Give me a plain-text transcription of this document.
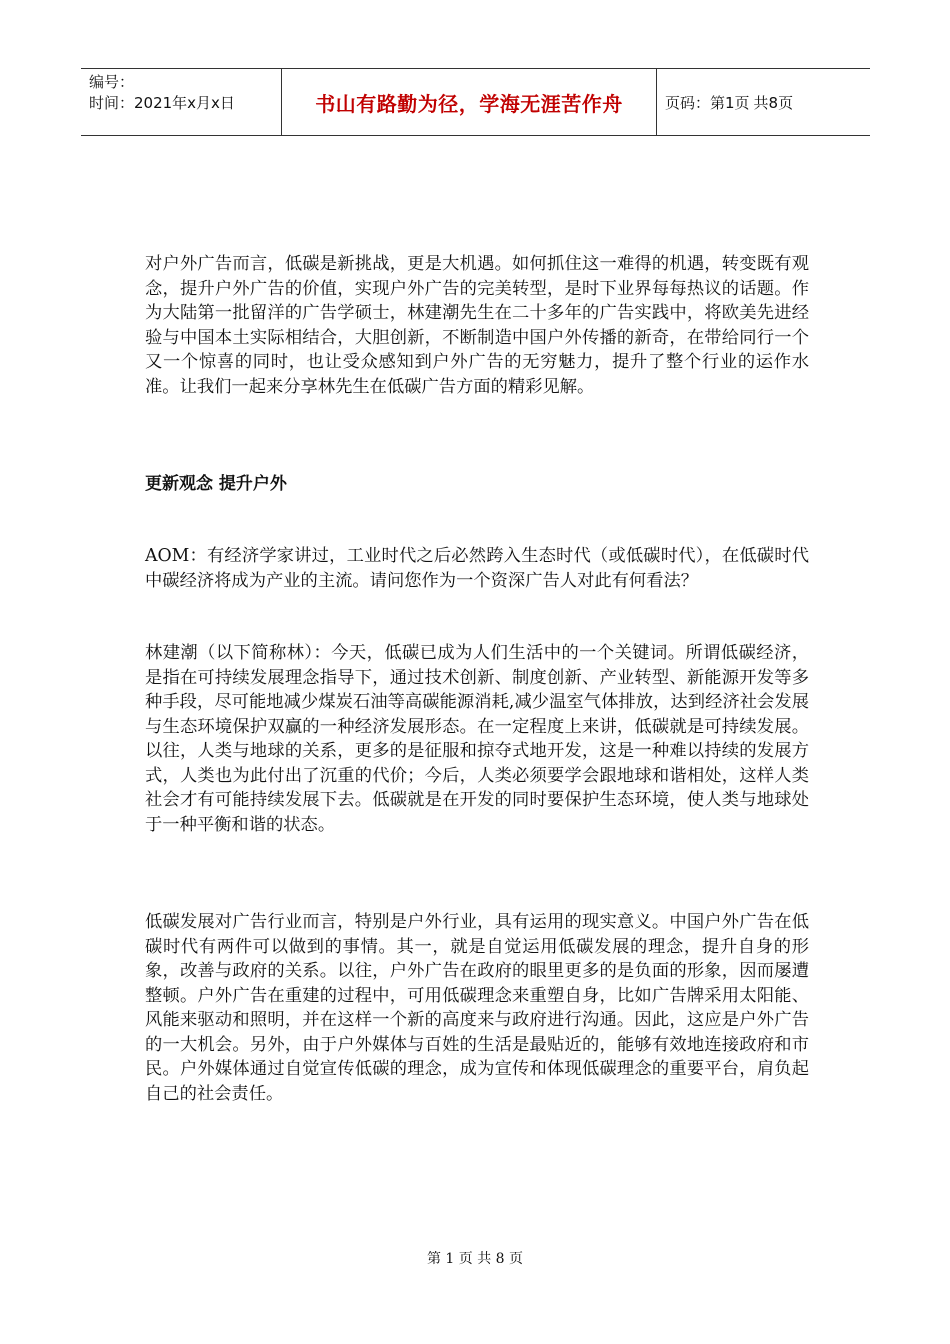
编号：
时间：2021年x月x日	书山有路勤为径，学海无涯苦作舟	页码：第1页 共8页

对户外广告而言，低碳是新挑战，更是大机遇。如何抓住这一难得的机遇，转变既有观念，提升户外广告的价值，实现户外广告的完美转型，是时下业界每每热议的话题。作为大陆第一批留洋的广告学硕士，林建潮先生在二十多年的广告实践中，将欧美先进经验与中国本土实际相结合，大胆创新，不断制造中国户外传播的新奇，在带给同行一个又一个惊喜的同时，也让受众感知到户外广告的无穷魅力，提升了整个行业的运作水准。让我们一起来分享林先生在低碳广告方面的精彩见解。

更新观念 提升户外

AOM：有经济学家讲过，工业时代之后必然跨入生态时代（或低碳时代），在低碳时代中碳经济将成为产业的主流。请问您作为一个资深广告人对此有何看法？

林建潮（以下简称林）：今天，低碳已成为人们生活中的一个关键词。所谓低碳经济，是指在可持续发展理念指导下，通过技术创新、制度创新、产业转型、新能源开发等多种手段，尽可能地减少煤炭石油等高碳能源消耗,减少温室气体排放，达到经济社会发展与生态环境保护双赢的一种经济发展形态。在一定程度上来讲，低碳就是可持续发展。以往，人类与地球的关系，更多的是征服和掠夺式地开发，这是一种难以持续的发展方式，人类也为此付出了沉重的代价；今后，人类必须要学会跟地球和谐相处，这样人类社会才有可能持续发展下去。低碳就是在开发的同时要保护生态环境，使人类与地球处于一种平衡和谐的状态。

低碳发展对广告行业而言，特别是户外行业，具有运用的现实意义。中国户外广告在低碳时代有两件可以做到的事情。其一，就是自觉运用低碳发展的理念，提升自身的形象，改善与政府的关系。以往，户外广告在政府的眼里更多的是负面的形象，因而屡遭整顿。户外广告在重建的过程中，可用低碳理念来重塑自身，比如广告牌采用太阳能、风能来驱动和照明，并在这样一个新的高度来与政府进行沟通。因此，这应是户外广告的一大机会。另外，由于户外媒体与百姓的生活是最贴近的，能够有效地连接政府和市民。户外媒体通过自觉宣传低碳的理念，成为宣传和体现低碳理念的重要平台，肩负起自己的社会责任。

第 1 页 共 8 页
